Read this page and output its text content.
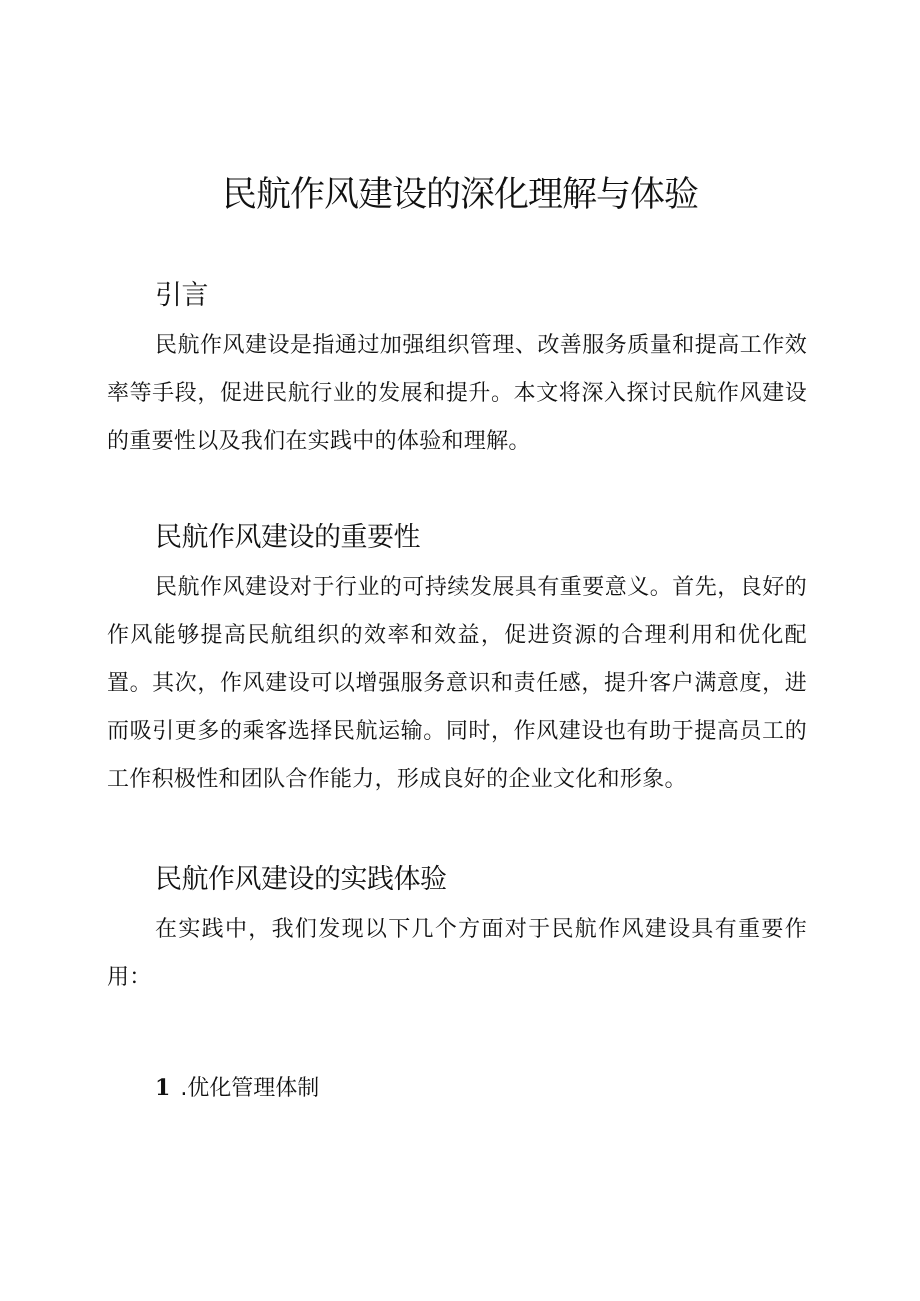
民航作风建设的深化理解与体验
引言

民航作风建设是指通过加强组织管理、改善服务质量和提高工作效率等手段，促进民航行业的发展和提升。本文将深入探讨民航作风建设的重要性以及我们在实践中的体验和理解。

民航作风建设的重要性

民航作风建设对于行业的可持续发展具有重要意义。首先，良好的作风能够提高民航组织的效率和效益，促进资源的合理利用和优化配置。其次，作风建设可以增强服务意识和责任感，提升客户满意度，进而吸引更多的乘客选择民航运输。同时，作风建设也有助于提高员工的工作积极性和团队合作能力，形成良好的企业文化和形象。

民航作风建设的实践体验

在实践中，我们发现以下几个方面对于民航作风建设具有重要作用：

1 .优化管理体制
